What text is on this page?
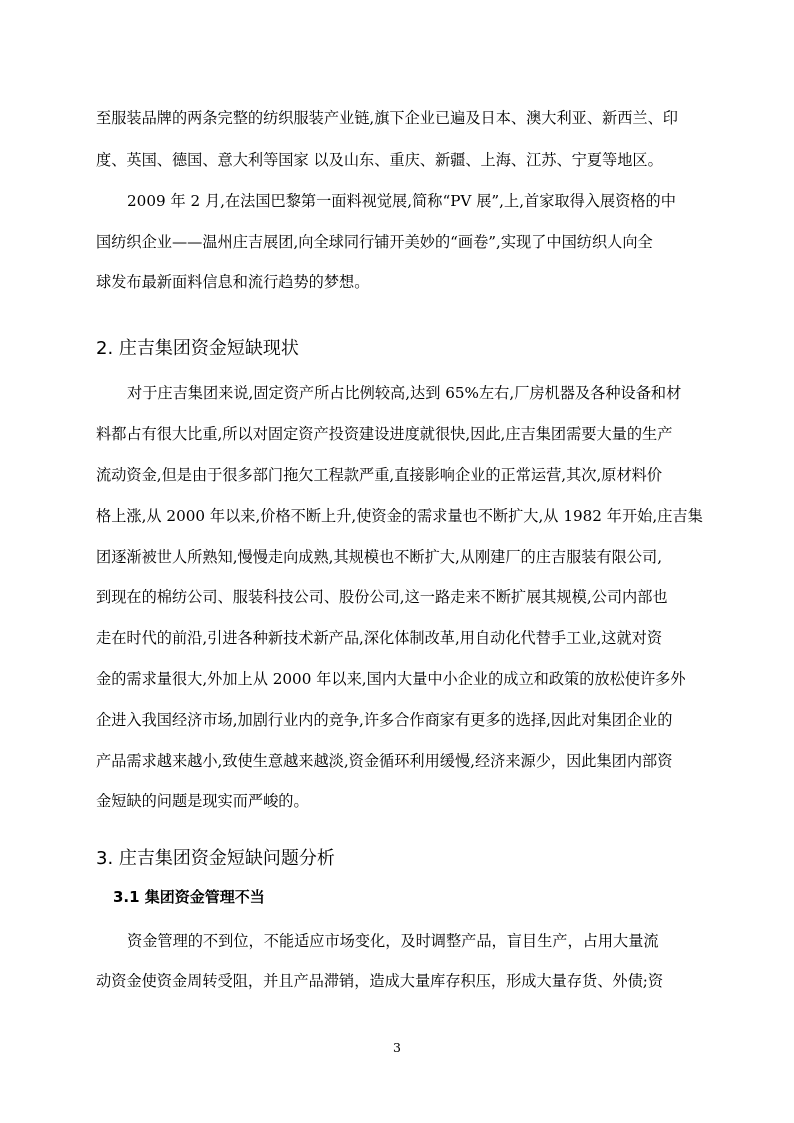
至服装品牌的两条完整的纺织服装产业链,旗下企业已遍及日本、澳大利亚、新西兰、印
度、英国、德国、意大利等国家 以及山东、重庆、新疆、上海、江苏、宁夏等地区。
2009 年 2 月,在法国巴黎第一面料视觉展,简称“PV 展”,上,首家取得入展资格的中
国纺织企业——温州庄吉展团,向全球同行铺开美妙的“画卷”,实现了中国纺织人向全
球发布最新面料信息和流行趋势的梦想。
2. 庄吉集团资金短缺现状
对于庄吉集团来说,固定资产所占比例较高,达到 65%左右,厂房机器及各种设备和材
料都占有很大比重,所以对固定资产投资建设进度就很快,因此,庄吉集团需要大量的生产
流动资金,但是由于很多部门拖欠工程款严重,直接影响企业的正常运营,其次,原材料价
格上涨,从 2000 年以来,价格不断上升,使资金的需求量也不断扩大,从 1982 年开始,庄吉集
团逐渐被世人所熟知,慢慢走向成熟,其规模也不断扩大,从刚建厂的庄吉服装有限公司,
到现在的棉纺公司、服装科技公司、股份公司,这一路走来不断扩展其规模,公司内部也
走在时代的前沿,引进各种新技术新产品,深化体制改革,用自动化代替手工业,这就对资
金的需求量很大,外加上从 2000 年以来,国内大量中小企业的成立和政策的放松使许多外
企进入我国经济市场,加剧行业内的竞争,许多合作商家有更多的选择,因此对集团企业的
产品需求越来越小,致使生意越来越淡,资金循环利用缓慢,经济来源少，因此集团内部资
金短缺的问题是现实而严峻的。
3. 庄吉集团资金短缺问题分析
3.1 集团资金管理不当
资金管理的不到位，不能适应市场变化，及时调整产品，盲目生产，占用大量流
动资金使资金周转受阻，并且产品滞销，造成大量库存积压，形成大量存货、外债;资
3
